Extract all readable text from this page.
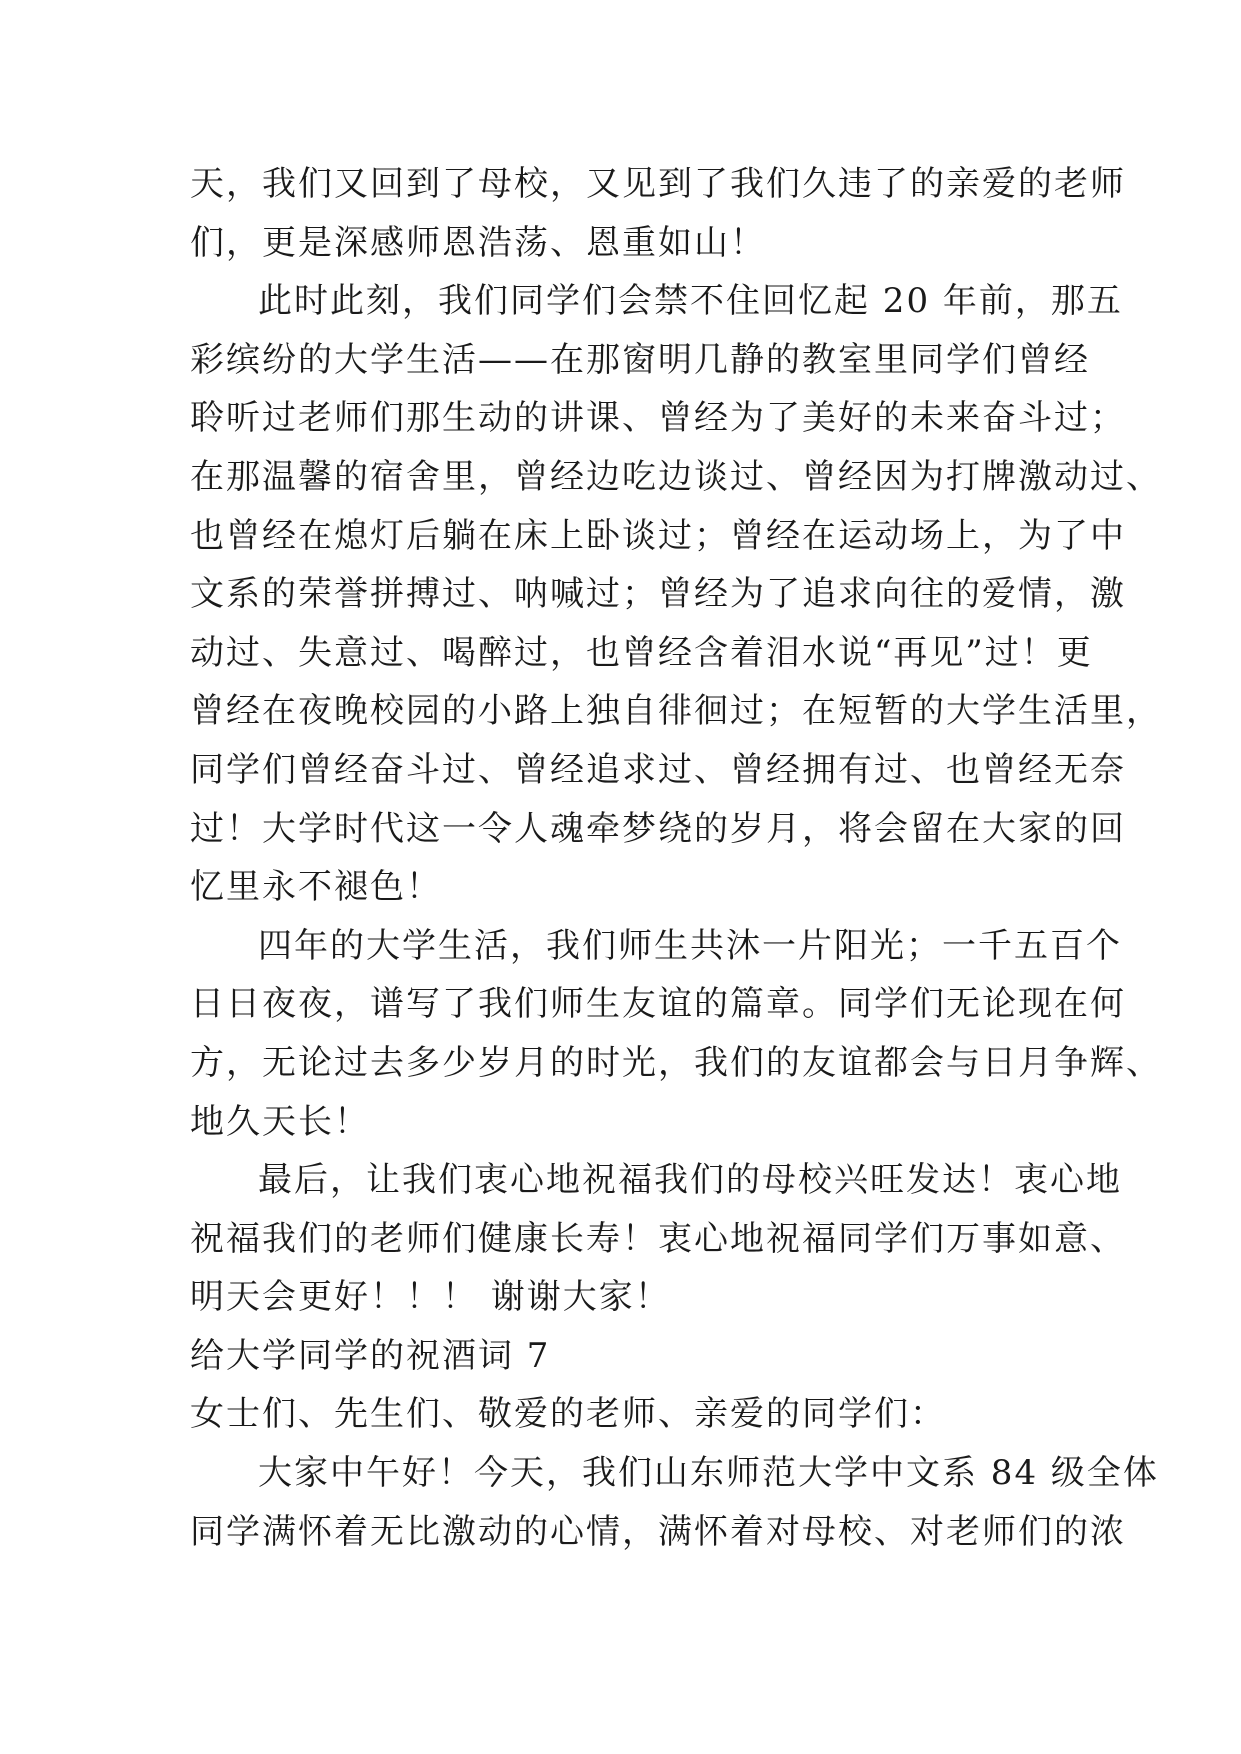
天，我们又回到了母校，又见到了我们久违了的亲爱的老师
们，更是深感师恩浩荡、恩重如山！
此时此刻，我们同学们会禁不住回忆起 20 年前，那五
彩缤纷的大学生活——在那窗明几静的教室里同学们曾经
聆听过老师们那生动的讲课、曾经为了美好的未来奋斗过；
在那温馨的宿舍里，曾经边吃边谈过、曾经因为打牌激动过、
也曾经在熄灯后躺在床上卧谈过；曾经在运动场上，为了中
文系的荣誉拼搏过、呐喊过；曾经为了追求向往的爱情，激
动过、失意过、喝醉过，也曾经含着泪水说“再见”过！更
曾经在夜晚校园的小路上独自徘徊过；在短暂的大学生活里，
同学们曾经奋斗过、曾经追求过、曾经拥有过、也曾经无奈
过！大学时代这一令人魂牵梦绕的岁月，将会留在大家的回
忆里永不褪色！
四年的大学生活，我们师生共沐一片阳光；一千五百个
日日夜夜，谱写了我们师生友谊的篇章。同学们无论现在何
方，无论过去多少岁月的时光，我们的友谊都会与日月争辉、
地久天长！
最后，让我们衷心地祝福我们的母校兴旺发达！衷心地
祝福我们的老师们健康长寿！衷心地祝福同学们万事如意、
明天会更好！！！ 谢谢大家！
给大学同学的祝酒词 7
女士们、先生们、敬爱的老师、亲爱的同学们：
大家中午好！今天，我们山东师范大学中文系 84 级全体
同学满怀着无比激动的心情，满怀着对母校、对老师们的浓
